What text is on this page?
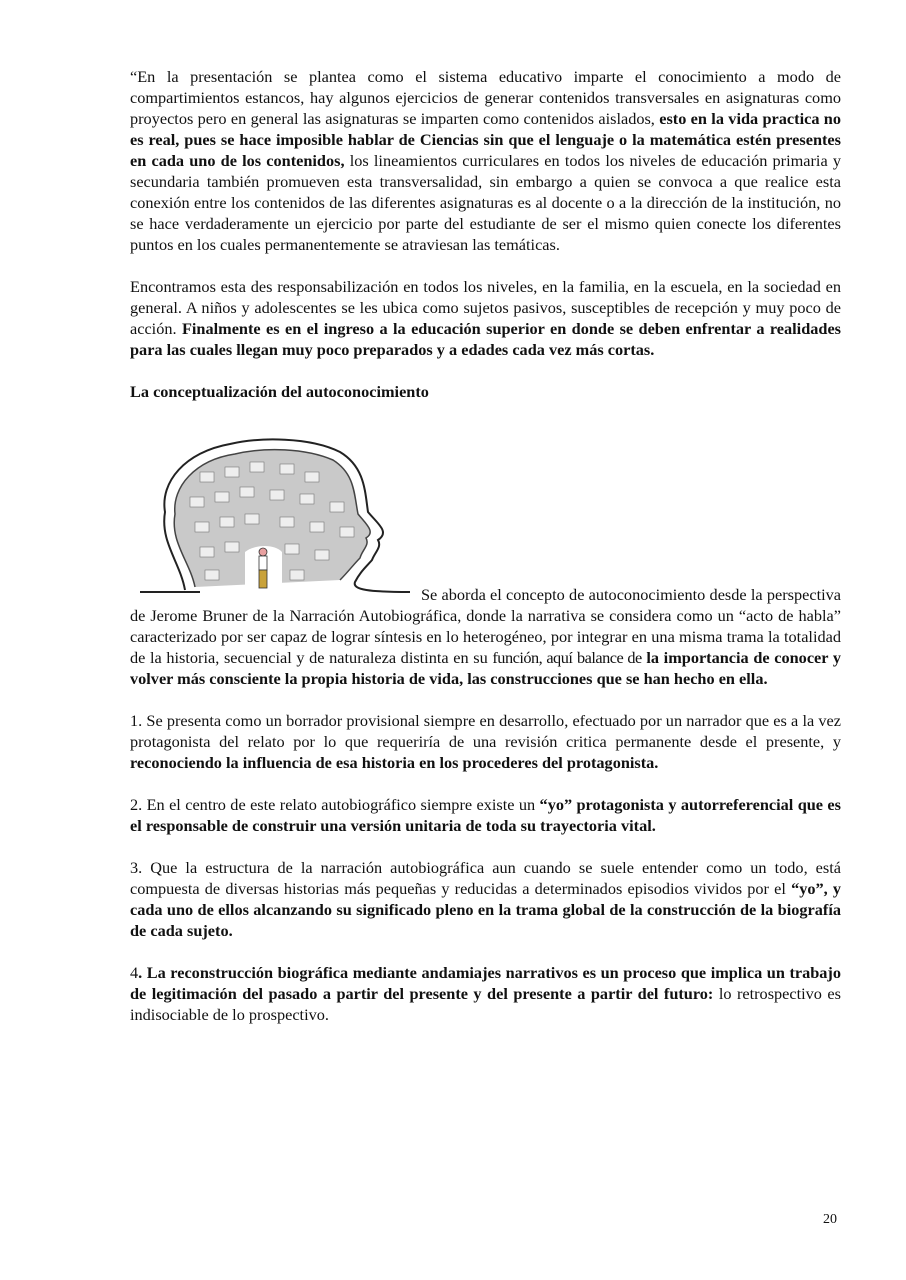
“En la presentación se plantea como el sistema educativo imparte el conocimiento a modo de compartimientos estancos, hay algunos ejercicios de generar contenidos transversales en asignaturas como proyectos pero en general las asignaturas se imparten como contenidos aislados, esto en la vida practica no es real, pues se hace imposible hablar de Ciencias sin que el lenguaje o la matemática estén presentes en cada uno de los contenidos, los lineamientos curriculares en todos los niveles de educación primaria y secundaria también promueven esta transversalidad, sin embargo a quien se convoca a que realice esta conexión entre los contenidos de las diferentes asignaturas es al docente o a la dirección de la institución, no se hace verdaderamente un ejercicio por parte del estudiante de ser el mismo quien conecte los diferentes puntos en los cuales permanentemente se atraviesan las temáticas.

Encontramos esta des responsabilización en todos los niveles, en la familia, en la escuela, en la sociedad en general. A niños y adolescentes se les ubica como sujetos pasivos, susceptibles de recepción y muy poco de acción. Finalmente es en el ingreso a la educación superior en donde se deben enfrentar a realidades para las cuales llegan muy poco preparados y a edades cada vez más cortas.

La conceptualización del autoconocimiento

Se aborda el concepto de autoconocimiento desde la perspectiva de Jerome Bruner de la Narración Autobiográfica, donde la narrativa se considera como un “acto de habla” caracterizado por ser capaz de lograr síntesis en lo heterogéneo, por integrar en una misma trama la totalidad de la historia, secuencial y de naturaleza distinta en su función, aquí balance de la importancia de conocer y volver más consciente la propia historia de vida, las construcciones que se han hecho en ella.

1. Se presenta como un borrador provisional siempre en desarrollo, efectuado por un narrador que es a la vez protagonista del relato por lo que requeriría de una revisión critica permanente desde el presente, y reconociendo la influencia de esa historia en los procederes del protagonista.

2. En el centro de este relato autobiográfico siempre existe un “yo” protagonista y autorreferencial que es el responsable de construir una versión unitaria de toda su trayectoria vital.

3. Que la estructura de la narración autobiográfica aun cuando se suele entender como un todo, está compuesta de diversas historias más pequeñas y reducidas a determinados episodios vividos por el “yo”, y cada uno de ellos alcanzando su significado pleno en la trama global de la construcción de la biografía de cada sujeto.

4. La reconstrucción biográfica mediante andamiajes narrativos es un proceso que implica un trabajo de legitimación del pasado a partir del presente y del presente a partir del futuro: lo retrospectivo es indisociable de lo prospectivo.

20
